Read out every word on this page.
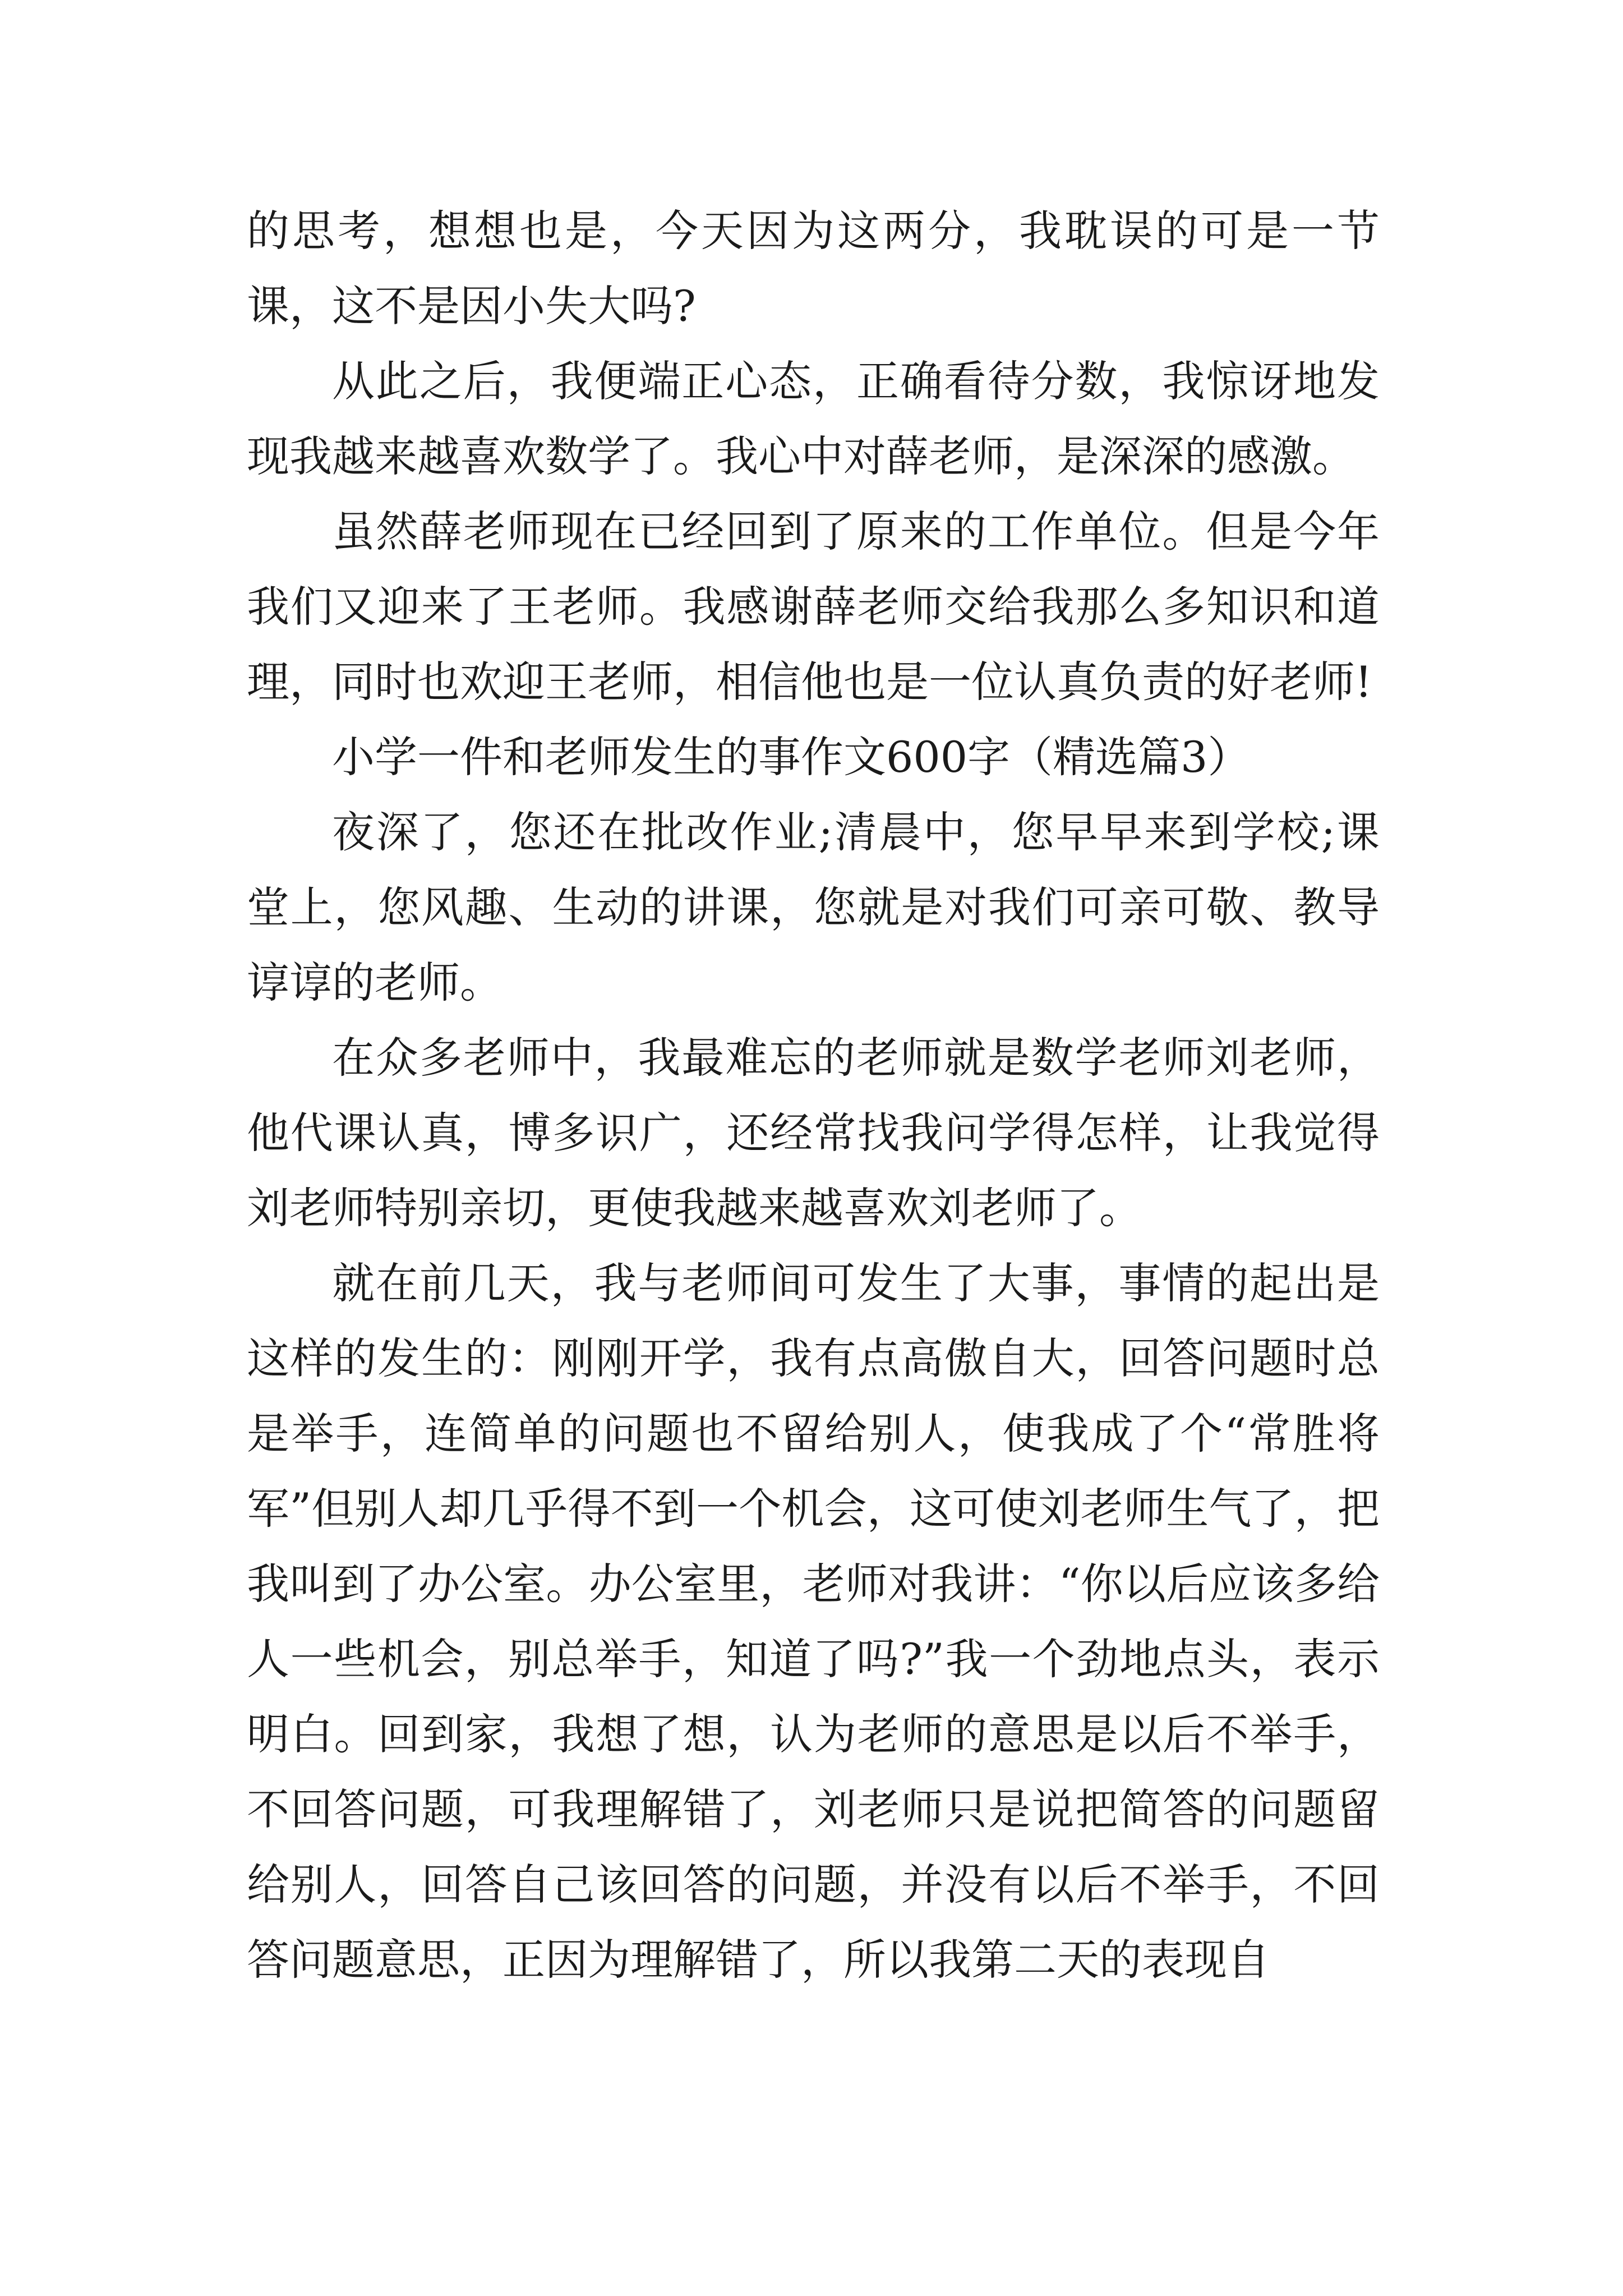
的思考，想想也是，今天因为这两分，我耽误的可是一节课，这不是因小失大吗?

从此之后，我便端正心态，正确看待分数，我惊讶地发现我越来越喜欢数学了。我心中对薛老师，是深深的感激。

虽然薛老师现在已经回到了原来的工作单位。但是今年我们又迎来了王老师。我感谢薛老师交给我那么多知识和道理，同时也欢迎王老师，相信他也是一位认真负责的好老师!

小学一件和老师发生的事作文600字（精选篇3）

夜深了，您还在批改作业;清晨中，您早早来到学校;课堂上，您风趣、生动的讲课，您就是对我们可亲可敬、教导谆谆的老师。

在众多老师中，我最难忘的老师就是数学老师刘老师，他代课认真，博多识广，还经常找我问学得怎样，让我觉得刘老师特别亲切，更使我越来越喜欢刘老师了。

就在前几天，我与老师间可发生了大事，事情的起出是这样的发生的：刚刚开学，我有点高傲自大，回答问题时总是举手，连简单的问题也不留给别人，使我成了个“常胜将军”但别人却几乎得不到一个机会，这可使刘老师生气了，把我叫到了办公室。办公室里，老师对我讲：“你以后应该多给人一些机会，别总举手，知道了吗?”我一个劲地点头，表示明白。回到家，我想了想，认为老师的意思是以后不举手，不回答问题，可我理解错了，刘老师只是说把简答的问题留给别人，回答自己该回答的问题，并没有以后不举手，不回答问题意思，正因为理解错了，所以我第二天的表现自
